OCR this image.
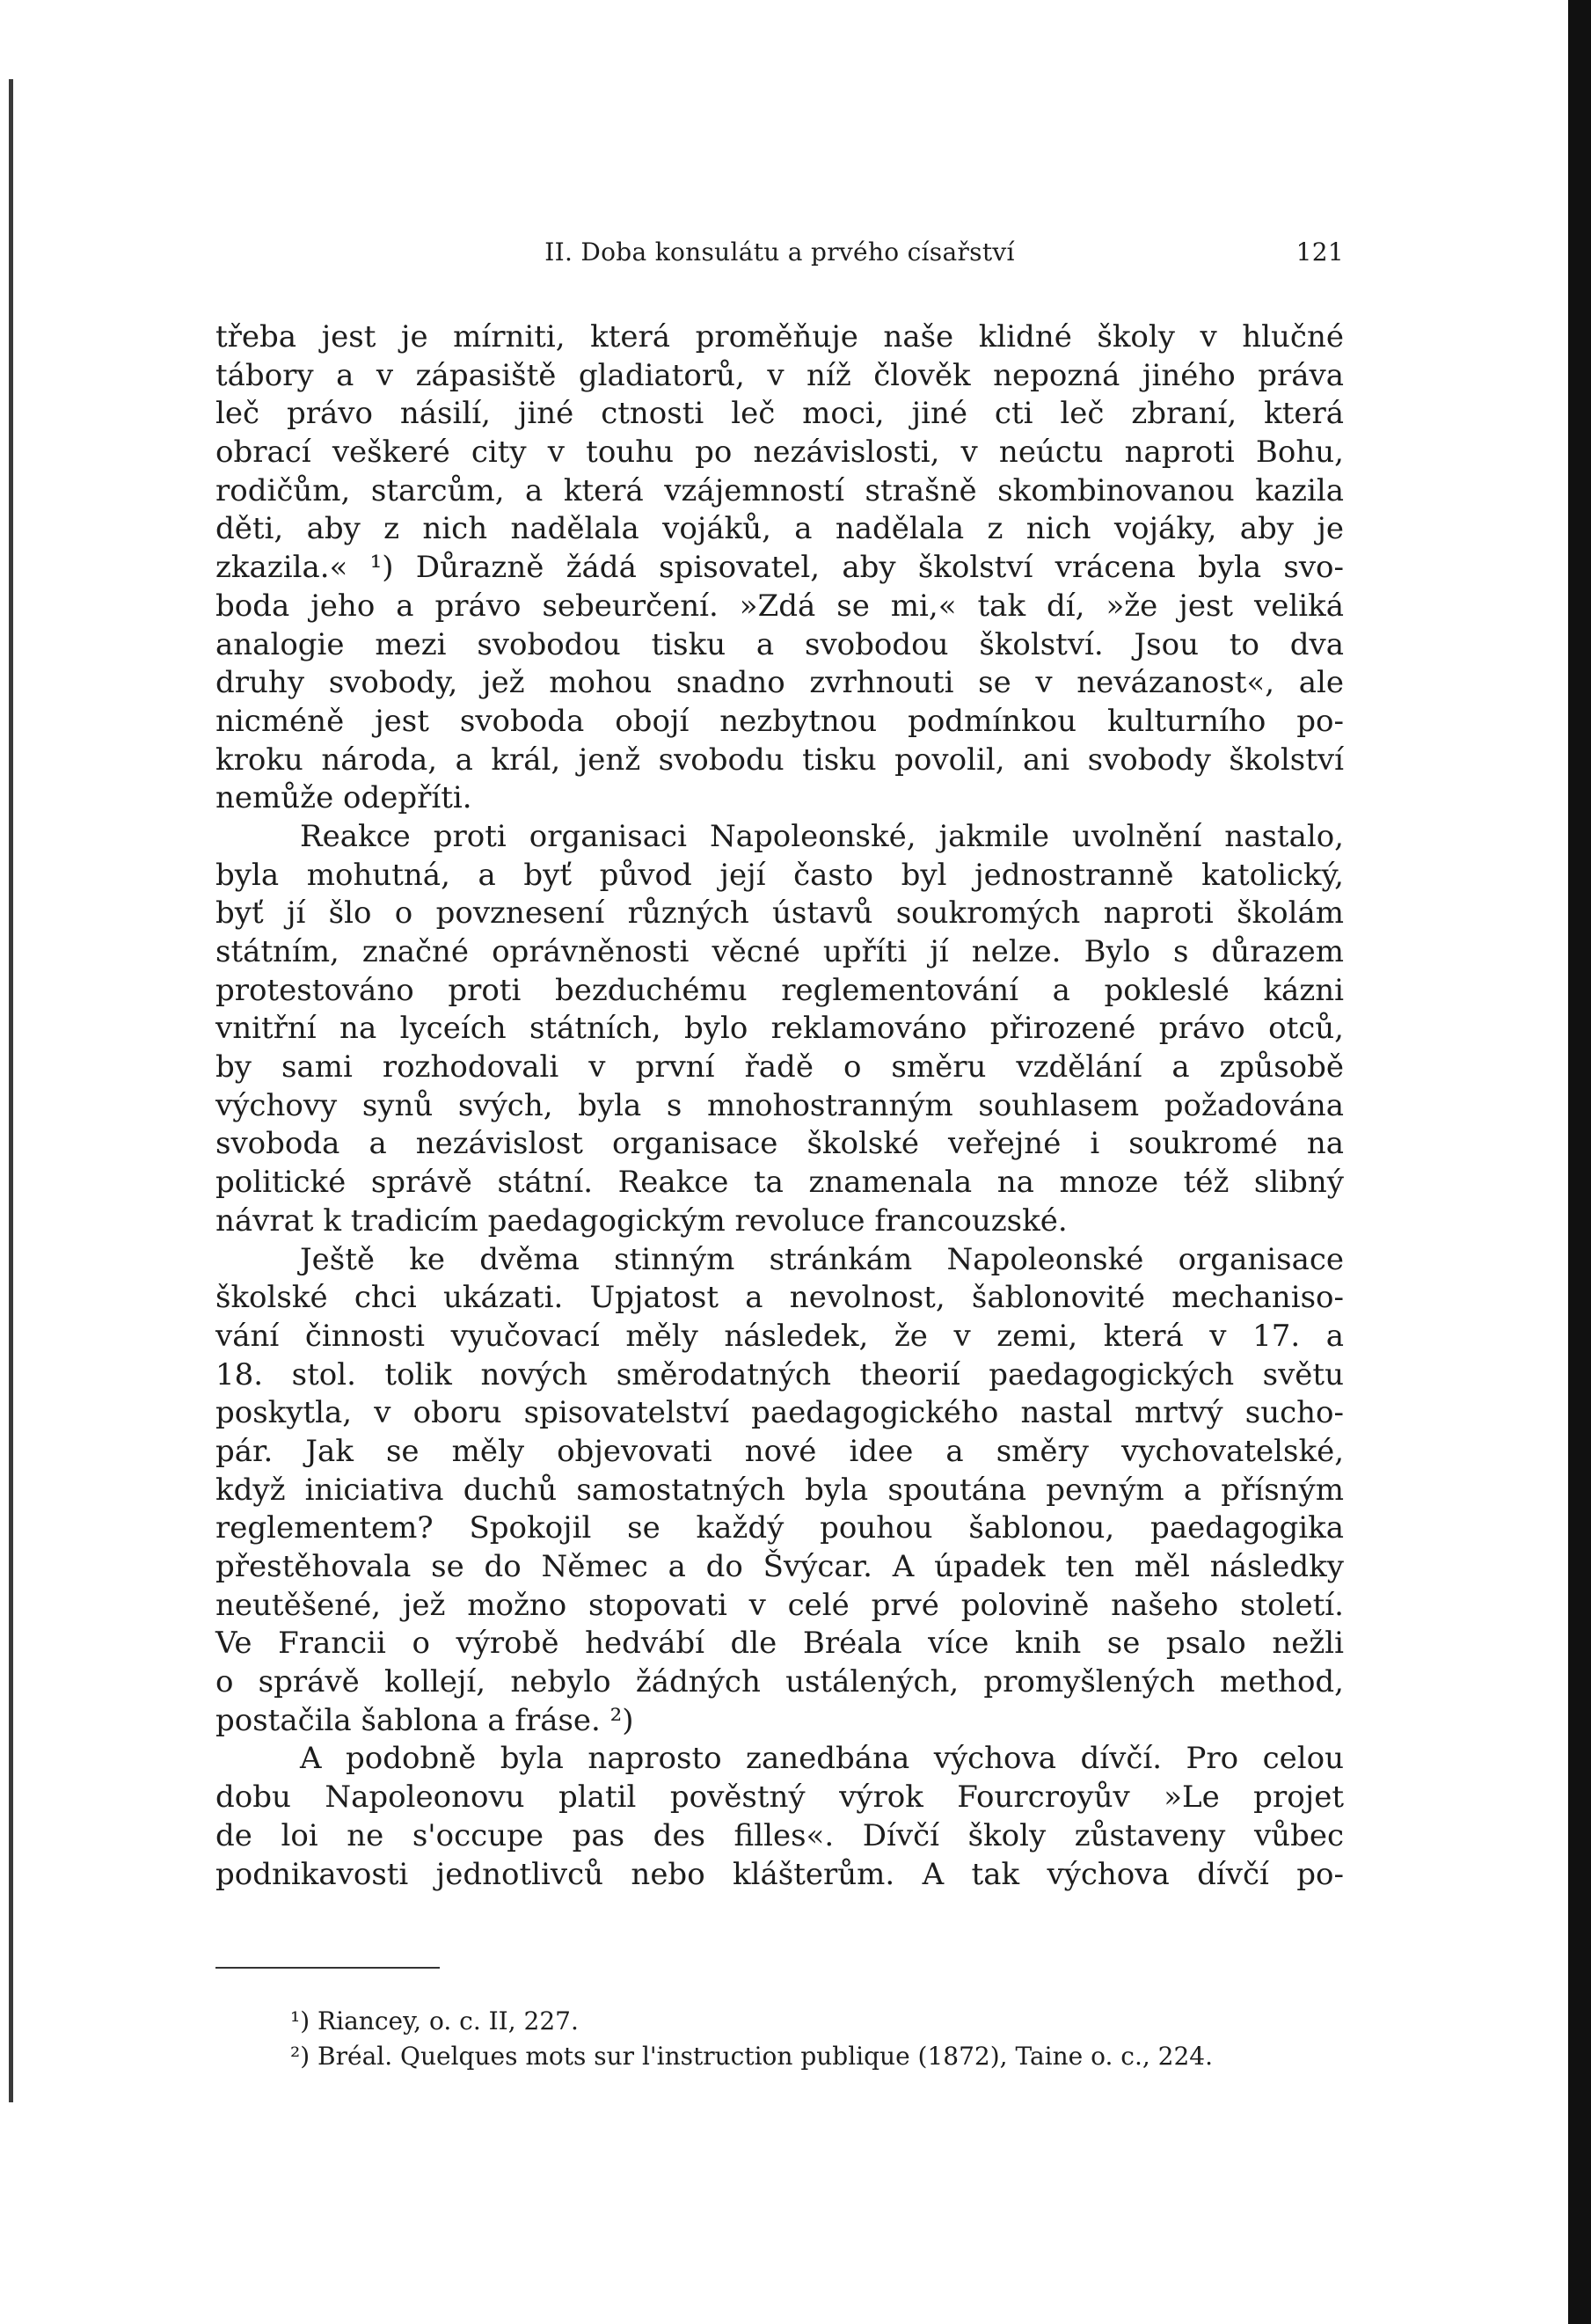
II. Doba konsulátu a prvého císařství	121
třeba jest je mírniti, která proměňuje naše klidné školy v hlučné
tábory a v zápasiště gladiatorů, v níž člověk nepozná jiného práva
leč právo násilí, jiné ctnosti leč moci, jiné cti leč zbraní, která
obrací veškeré city v touhu po nezávislosti, v neúctu naproti Bohu,
rodičům, starcům, a která vzájemností strašně skombinovanou kazila
děti, aby z nich nadělala vojáků, a nadělala z nich vojáky, aby je
zkazila.« ¹) Důrazně žádá spisovatel, aby školství vrácena byla svo-
boda jeho a právo sebeurčení. »Zdá se mi,« tak dí, »že jest veliká
analogie mezi svobodou tisku a svobodou školství. Jsou to dva
druhy svobody, jež mohou snadno zvrhnouti se v nevázanost«, ale
nicméně jest svoboda obojí nezbytnou podmínkou kulturního po-
kroku národa, a král, jenž svobodu tisku povolil, ani svobody školství
nemůže odepříti.
Reakce proti organisaci Napoleonské, jakmile uvolnění nastalo,
byla mohutná, a byť původ její často byl jednostranně katolický,
byť jí šlo o povznesení různých ústavů soukromých naproti školám
státním, značné oprávněnosti věcné upříti jí nelze. Bylo s důrazem
protestováno proti bezduchému reglementování a pokleslé kázni
vnitřní na lyceích státních, bylo reklamováno přirozené právo otců,
by sami rozhodovali v první řadě o směru vzdělání a způsobě
výchovy synů svých, byla s mnohostranným souhlasem požadována
svoboda a nezávislost organisace školské veřejné i soukromé na
politické správě státní. Reakce ta znamenala na mnoze též slibný
návrat k tradicím paedagogickým revoluce francouzské.
Ještě ke dvěma stinným stránkám Napoleonské organisace
školské chci ukázati. Upjatost a nevolnost, šablonovité mechaniso-
vání činnosti vyučovací měly následek, že v zemi, která v 17. a
18. stol. tolik nových směrodatných theorií paedagogických světu
poskytla, v oboru spisovatelství paedagogického nastal mrtvý sucho-
pár. Jak se měly objevovati nové idee a směry vychovatelské,
když iniciativa duchů samostatných byla spoutána pevným a přísným
reglementem? Spokojil se každý pouhou šablonou, paedagogika
přestěhovala se do Němec a do Švýcar. A úpadek ten měl následky
neutěšené, jež možno stopovati v celé prvé polovině našeho století.
Ve Francii o výrobě hedvábí dle Bréala více knih se psalo nežli
o správě kollejí, nebylo žádných ustálených, promyšlených method,
postačila šablona a fráse. ²)
A podobně byla naprosto zanedbána výchova dívčí. Pro celou
dobu Napoleonovu platil pověstný výrok Fourcroyův »Le projet
de loi ne s'occupe pas des filles«. Dívčí školy zůstaveny vůbec
podnikavosti jednotlivců nebo klášterům. A tak výchova dívčí po-
¹) Riancey, o. c. II, 227.
²) Bréal. Quelques mots sur l'instruction publique (1872), Taine o. c., 224.
